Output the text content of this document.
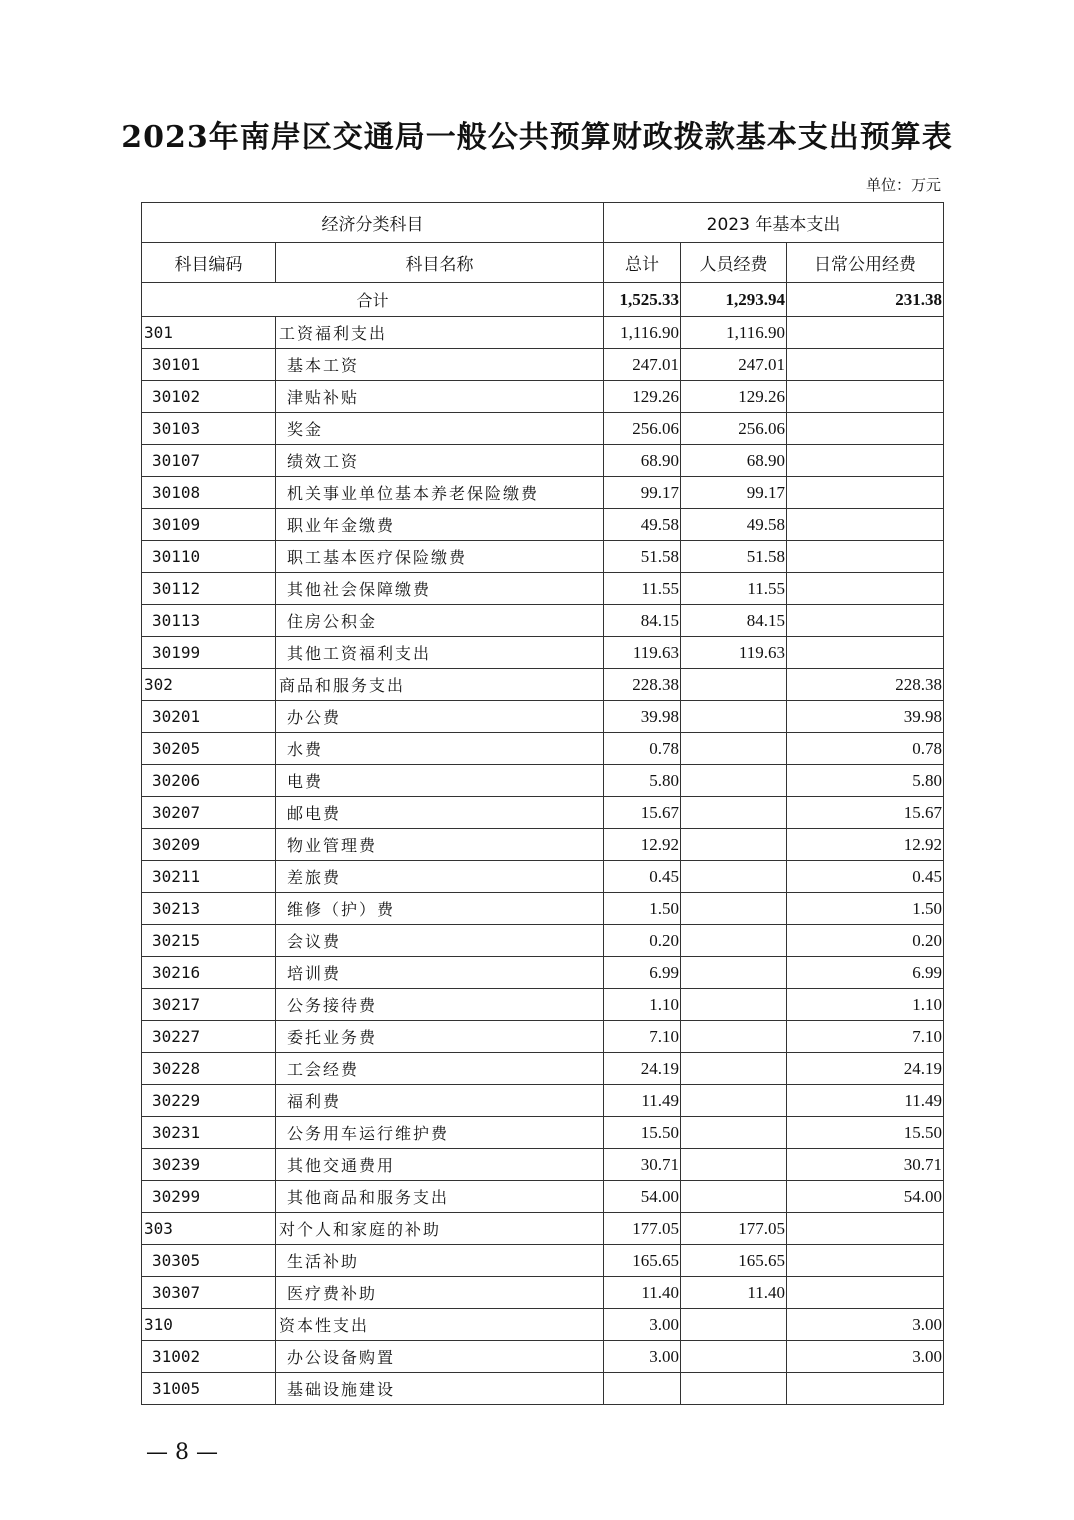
2023年南岸区交通局一般公共预算财政拨款基本支出预算表
单位：万元
经济分类科目		2023 年基本支出		
科目编码	科目名称	总计	人员经费	日常公用经费
合计		1,525.33	1,293.94	231.38
301	工资福利支出	1,116.90	1,116.90	
30101	基本工资	247.01	247.01	
30102	津贴补贴	129.26	129.26	
30103	奖金	256.06	256.06	
30107	绩效工资	68.90	68.90	
30108	机关事业单位基本养老保险缴费	99.17	99.17	
30109	职业年金缴费	49.58	49.58	
30110	职工基本医疗保险缴费	51.58	51.58	
30112	其他社会保障缴费	11.55	11.55	
30113	住房公积金	84.15	84.15	
30199	其他工资福利支出	119.63	119.63	
302	商品和服务支出	228.38		228.38
30201	办公费	39.98		39.98
30205	水费	0.78		0.78
30206	电费	5.80		5.80
30207	邮电费	15.67		15.67
30209	物业管理费	12.92		12.92
30211	差旅费	0.45		0.45
30213	维修（护）费	1.50		1.50
30215	会议费	0.20		0.20
30216	培训费	6.99		6.99
30217	公务接待费	1.10		1.10
30227	委托业务费	7.10		7.10
30228	工会经费	24.19		24.19
30229	福利费	11.49		11.49
30231	公务用车运行维护费	15.50		15.50
30239	其他交通费用	30.71		30.71
30299	其他商品和服务支出	54.00		54.00
303	对个人和家庭的补助	177.05	177.05	
30305	生活补助	165.65	165.65	
30307	医疗费补助	11.40	11.40	
310	资本性支出	3.00		3.00
31002	办公设备购置	3.00		3.00
31005	基础设施建设			
— 8 —
